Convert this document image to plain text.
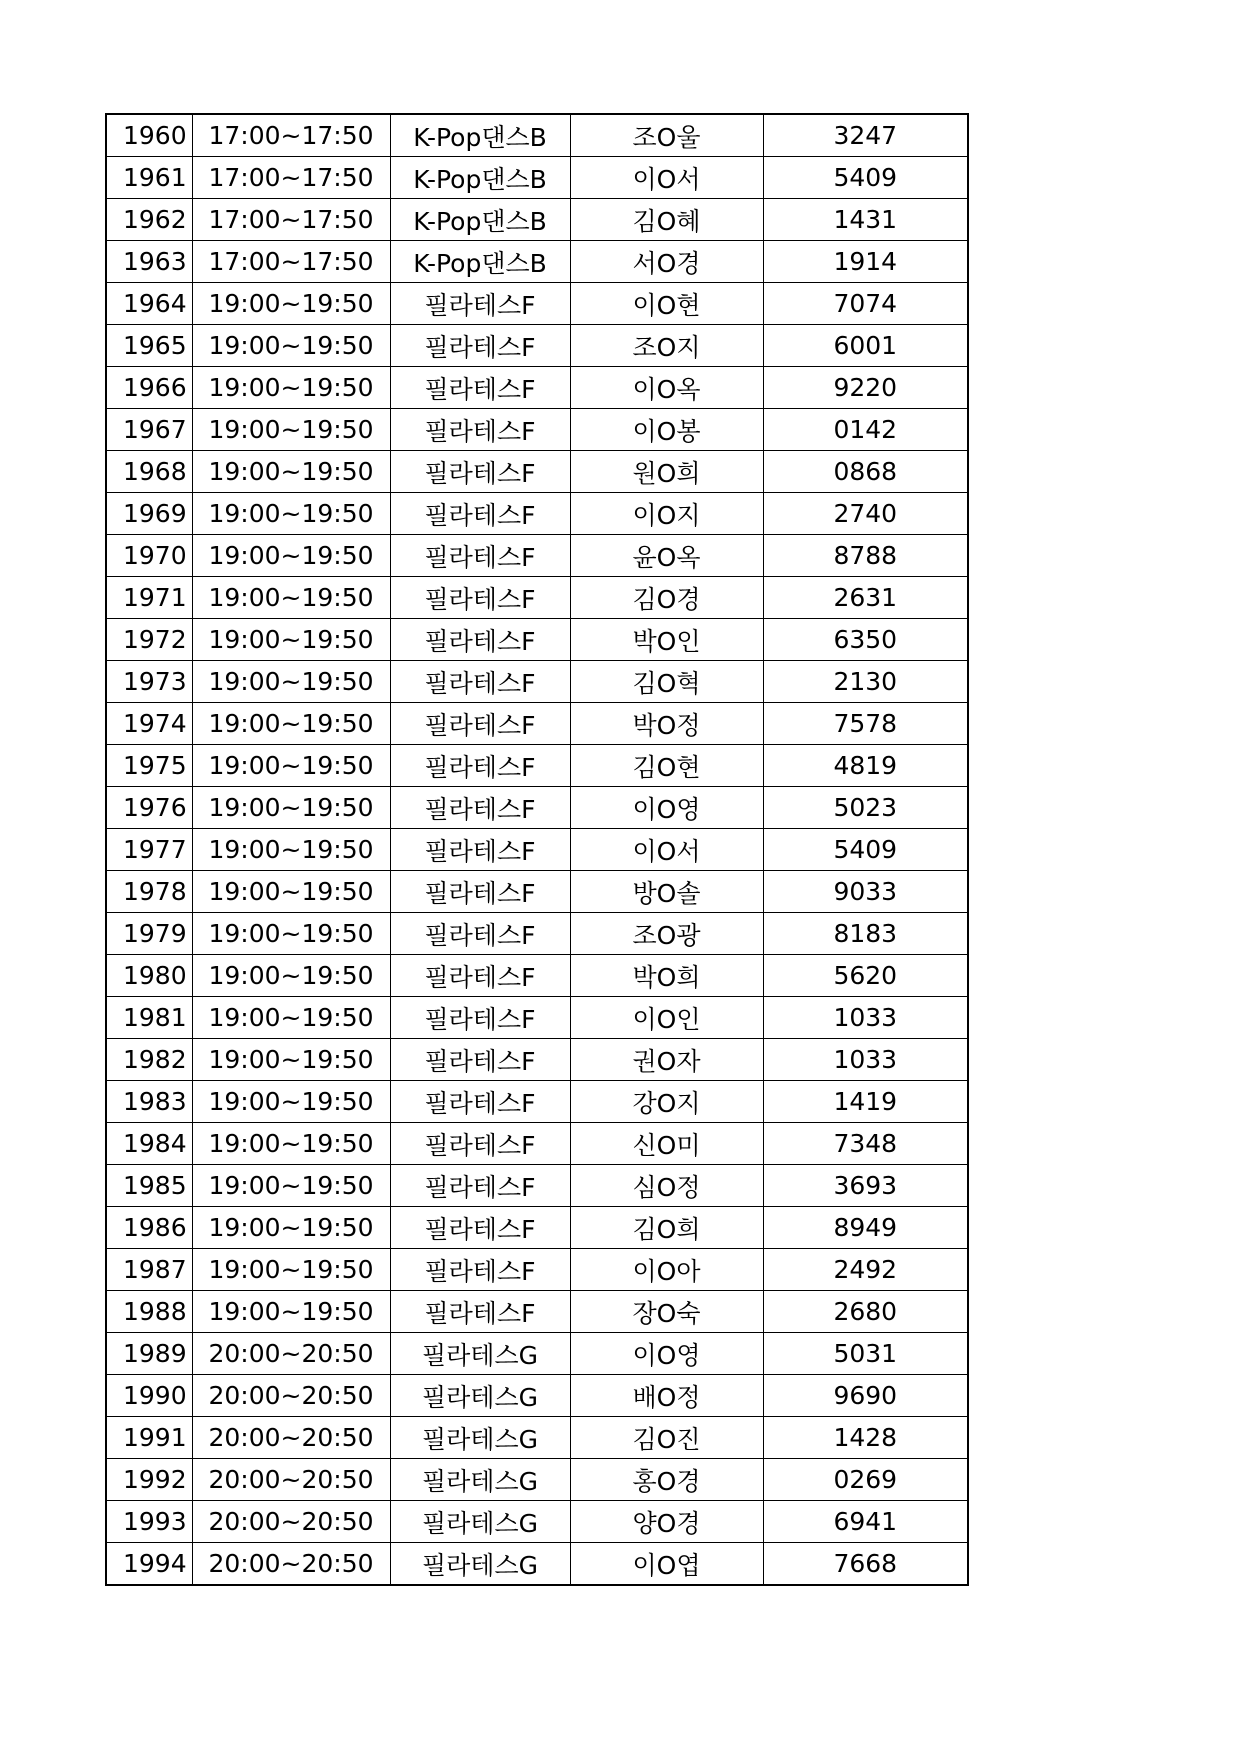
1960	17:00~17:50	K-Pop댄스B	조O울	3247
1961	17:00~17:50	K-Pop댄스B	이O서	5409
1962	17:00~17:50	K-Pop댄스B	김O혜	1431
1963	17:00~17:50	K-Pop댄스B	서O경	1914
1964	19:00~19:50	필라테스F	이O현	7074
1965	19:00~19:50	필라테스F	조O지	6001
1966	19:00~19:50	필라테스F	이O옥	9220
1967	19:00~19:50	필라테스F	이O봉	0142
1968	19:00~19:50	필라테스F	원O희	0868
1969	19:00~19:50	필라테스F	이O지	2740
1970	19:00~19:50	필라테스F	윤O옥	8788
1971	19:00~19:50	필라테스F	김O경	2631
1972	19:00~19:50	필라테스F	박O인	6350
1973	19:00~19:50	필라테스F	김O혁	2130
1974	19:00~19:50	필라테스F	박O정	7578
1975	19:00~19:50	필라테스F	김O현	4819
1976	19:00~19:50	필라테스F	이O영	5023
1977	19:00~19:50	필라테스F	이O서	5409
1978	19:00~19:50	필라테스F	방O솔	9033
1979	19:00~19:50	필라테스F	조O광	8183
1980	19:00~19:50	필라테스F	박O희	5620
1981	19:00~19:50	필라테스F	이O인	1033
1982	19:00~19:50	필라테스F	권O자	1033
1983	19:00~19:50	필라테스F	강O지	1419
1984	19:00~19:50	필라테스F	신O미	7348
1985	19:00~19:50	필라테스F	심O정	3693
1986	19:00~19:50	필라테스F	김O희	8949
1987	19:00~19:50	필라테스F	이O아	2492
1988	19:00~19:50	필라테스F	장O숙	2680
1989	20:00~20:50	필라테스G	이O영	5031
1990	20:00~20:50	필라테스G	배O정	9690
1991	20:00~20:50	필라테스G	김O진	1428
1992	20:00~20:50	필라테스G	홍O경	0269
1993	20:00~20:50	필라테스G	양O경	6941
1994	20:00~20:50	필라테스G	이O엽	7668
